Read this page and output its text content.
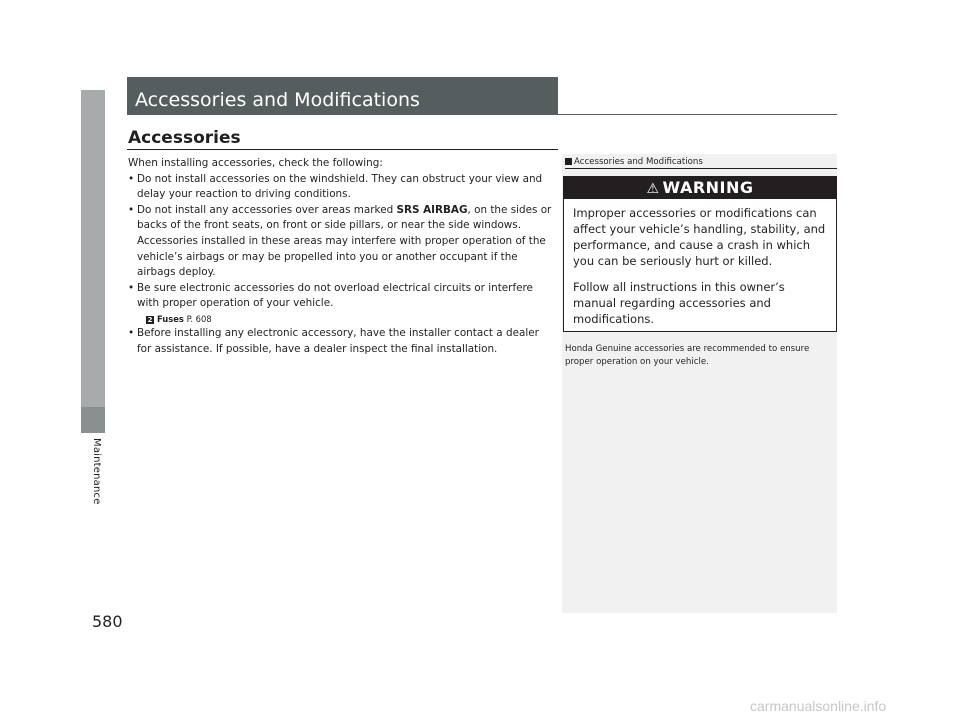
Maintenance
Accessories and Modifications
Accessories

When installing accessories, check the following:

• Do not install accessories on the windshield. They can obstruct your view and delay your reaction to driving conditions.

• Do not install any accessories over areas marked SRS AIRBAG, on the sides or backs of the front seats, on front or side pillars, or near the side windows. Accessories installed in these areas may interfere with proper operation of the vehicle’s airbags or may be propelled into you or another occupant if the airbags deploy.

• Be sure electronic accessories do not overload electrical circuits or interfere with proper operation of your vehicle.

2 Fuses P. 608

• Before installing any electronic accessory, have the installer contact a dealer for assistance. If possible, have a dealer inspect the final installation.

Accessories and Modifications
⚠ WARNING

Improper accessories or modifications can affect your vehicle’s handling, stability, and performance, and cause a crash in which you can be seriously hurt or killed.

Follow all instructions in this owner’s manual regarding accessories and modifications.

Honda Genuine accessories are recommended to ensure proper operation on your vehicle.
580
carmanualsonline.info
